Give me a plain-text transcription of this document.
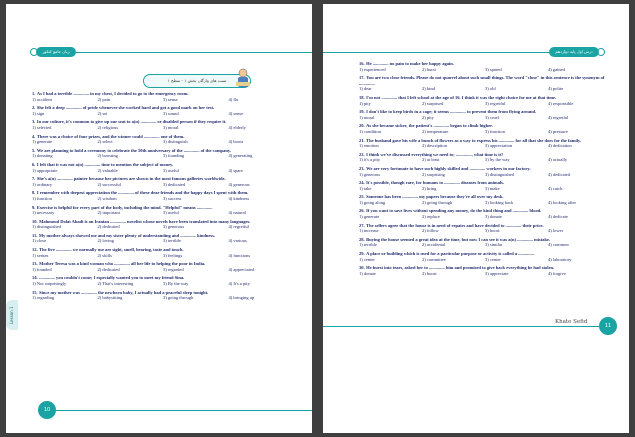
زبان جامع کنکور
تست های واژگان بخش ۱ - سطح ۱
Lesson 1
1. As I had a terrible .............. in my chest, I decided to go to the emergency room.
1) accident	2) pain	3) sense	4) flu
2. She felt a deep .............. of pride whenever she worked hard and got a good mark on her test.
1) sign	2) set	3) sound	4) sense
3. In our culture, it's common to give up our seat to a(n) .............. or disabled person if they require it.
1) selected	2) religious	3) moral	4) elderly
4. There was a choice of four prizes, and the winner could .............. one of them.
1) generate	2) select	3) distinguish	4) boost
5. We are planning to hold a ceremony to celebrate the 50th anniversary of the .............. of the company.
1) donating	2) boosting	3) founding	4) generating
6. I felt that it was not a(n) .............. time to mention the subject of money.
1) appropriate	2) valuable	3) useful	4) spare
7. She's a(n) .............. painter because her pictures are shown in the most famous galleries worldwide.
1) ordinary	2) successful	3) dedicated	4) generous
8. I remember with deepest appreciation the .............. of these dear friends and the happy days I spent with them.
1) function	2) wisdom	3) success	4) kindness
9. Exercise is helpful for every part of the body, including the mind. "Helpful" means ..............
1) necessary	2) important	3) useful	4) natural
10. Mahmoud Dolat Abadi is an Iranian .............. novelist whose novels have been translated into many languages.
1) distinguished	2) dedicated	3) generous	4) regretful
11. My mother always showed me and my sister plenty of understanding and .............. kindness.
1) close	2) loving	3) terrible	4) various
12. The five .............. we normally use are sight, smell, hearing, taste and touch.
1) senses	2) skills	3) feelings	4) functions
13. Mother Teresa was a kind woman who .............. all her life to helping the poor in India.
1) founded	2) dedicated	3) regarded	4) appreciated
14. .............. you couldn't come; I especially wanted you to meet my friend Sina.
1) Not surprisingly	2) That's interesting	3) By the way	4) It's a pity
15. Since my mother was .............. the newborn baby, I actually had a peaceful sleep tonight.
1) regarding	2) babysitting	3) going through	4) bringing up
10
درس اول پایه دوازدهم
16. He .............. no pain to make her happy again.
1) experienced	2) burst	3) spared	4) gained
17. You are two close friends. Please do not quarrel about such small things. The word "close" in this sentence is the synonym of ..............
1) dear	2) kind	3) old	4) polite
18. I'm not .............. that I left school at the age of 16. I think it was the right choice for me at that time.
1) pity	2) surprised	3) regretful	4) responsible
19. I don't like to keep birds in a cage; it seems .............. to prevent them from flying around.
1) moral	2) pity	3) cruel	4) regretful
20. As she became sicker, the patient's .............. began to climb higher.
1) condition	2) temperature	3) function	4) pressure
21. The husband gave his wife a bunch of flowers as a way to express his .............. for all that she does for the family.
1) emotion	2) description	3) appreciation	4) dedication
22. I think we've discussed everything we need to; .............., what time is it?
1) it's a pity	2) at least	3) by the way	4) actually
23. We are very fortunate to have such highly skilled and .............. workers in our factory.
1) generous	2) surprising	3) distinguished	4) dedicated
24. It's possible, though rare, for humans to .............. diseases from animals.
1) take	2) bring	3) make	4) catch
25. Someone has been .............. my papers because they're all over my desk.
1) going along	2) going through	3) looking back	4) looking after
26. If you want to save lives without spending any money, do the kind thing and .............. blood.
1) generate	2) replace	3) donate	4) dedicate
27. The sellers agree that the house is in need of repairs and have decided to .............. their price.
1) increase	2) follow	3) boost	4) lower
28. Buying the house seemed a great idea at the time, but now I can see it was a(n) .............. mistake.
1) terrible	2) accidental	3) similar	4) common
29. A place or building which is used for a particular purpose or activity is called a ..............
1) center	2) committee	3) center	4) laboratory
30. He burst into tears, asked her to .............. him and promised to give back everything he had stolen.
1) donate	2) boost	3) appreciate	4) forgive
Khate Sefid
11
